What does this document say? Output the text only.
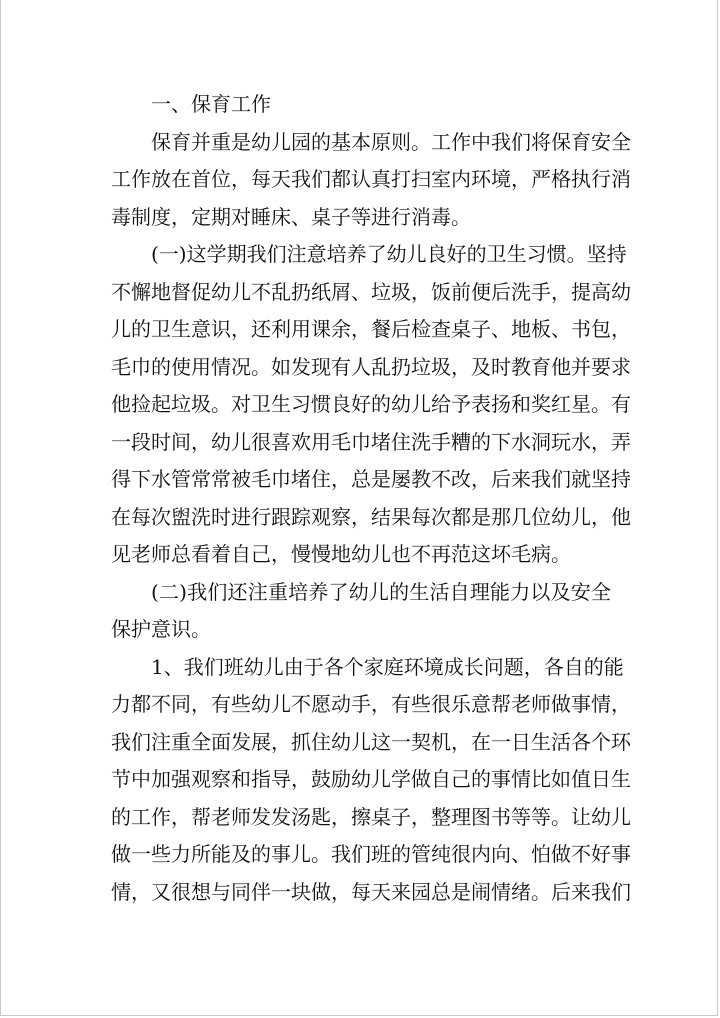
一、保育工作
保育并重是幼儿园的基本原则。工作中我们将保育安全
工作放在首位，每天我们都认真打扫室内环境，严格执行消
毒制度，定期对睡床、桌子等进行消毒。
(一)这学期我们注意培养了幼儿良好的卫生习惯。坚持
不懈地督促幼儿不乱扔纸屑、垃圾，饭前便后洗手，提高幼
儿的卫生意识，还利用课余，餐后检查桌子、地板、书包，
毛巾的使用情况。如发现有人乱扔垃圾，及时教育他并要求
他捡起垃圾。对卫生习惯良好的幼儿给予表扬和奖红星。有
一段时间，幼儿很喜欢用毛巾堵住洗手糟的下水洞玩水，弄
得下水管常常被毛巾堵住，总是屡教不改，后来我们就坚持
在每次盥洗时进行跟踪观察，结果每次都是那几位幼儿，他
见老师总看着自己，慢慢地幼儿也不再范这坏毛病。
(二)我们还注重培养了幼儿的生活自理能力以及安全
保护意识。
1、我们班幼儿由于各个家庭环境成长问题，各自的能
力都不同，有些幼儿不愿动手，有些很乐意帮老师做事情，
我们注重全面发展，抓住幼儿这一契机，在一日生活各个环
节中加强观察和指导，鼓励幼儿学做自己的事情比如值日生
的工作，帮老师发发汤匙，擦桌子，整理图书等等。让幼儿
做一些力所能及的事儿。我们班的管纯很内向、怕做不好事
情，又很想与同伴一块做，每天来园总是闹情绪。后来我们
